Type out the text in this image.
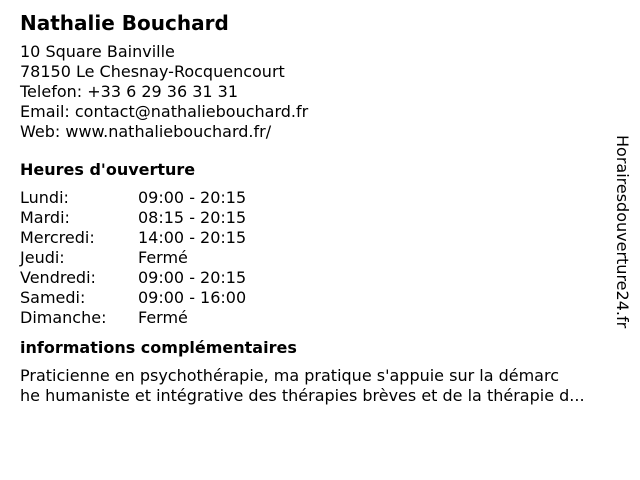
Nathalie Bouchard
10 Square Bainville
78150 Le Chesnay-Rocquencourt
Telefon: +33 6 29 36 31 31
Email: contact@nathaliebouchard.fr
Web: www.nathaliebouchard.fr/
Heures d'ouverture
Lundi:	09:00 - 20:15
Mardi:	08:15 - 20:15
Mercredi:	14:00 - 20:15
Jeudi:	Fermé
Vendredi:	09:00 - 20:15
Samedi:	09:00 - 16:00
Dimanche:	Fermé
informations complémentaires
Praticienne en psychothérapie, ma pratique s'appuie sur la démarc
he humaniste et intégrative des thérapies brèves et de la thérapie d...
Horairesdouverture24.fr
